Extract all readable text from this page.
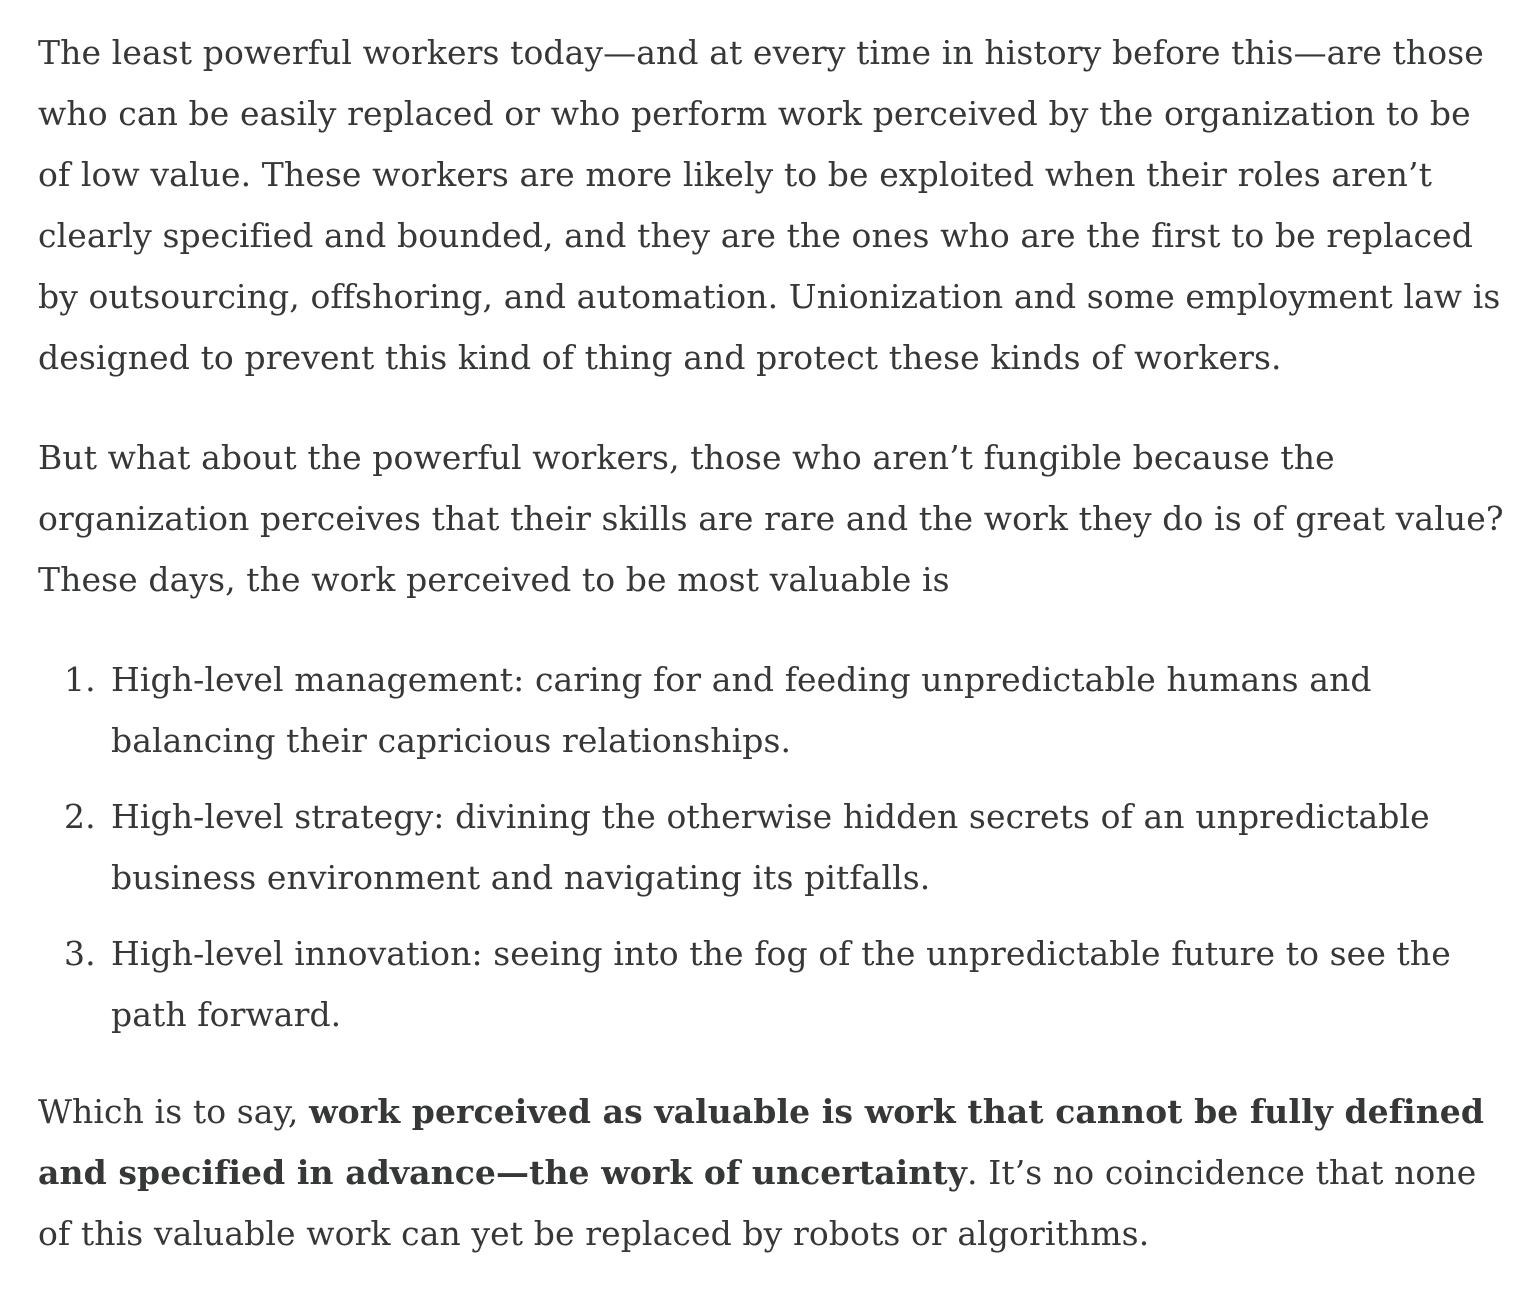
The least powerful workers today—and at every time in history before this—are those who can be easily replaced or who perform work perceived by the organization to be of low value. These workers are more likely to be exploited when their roles aren’t clearly specified and bounded, and they are the ones who are the first to be replaced by outsourcing, offshoring, and automation. Unionization and some employment law is designed to prevent this kind of thing and protect these kinds of workers.

But what about the powerful workers, those who aren’t fungible because the organization perceives that their skills are rare and the work they do is of great value? These days, the work perceived to be most valuable is

1. High-level management: caring for and feeding unpredictable humans and balancing their capricious relationships.
2. High-level strategy: divining the otherwise hidden secrets of an unpredictable business environment and navigating its pitfalls.
3. High-level innovation: seeing into the fog of the unpredictable future to see the path forward.

Which is to say, work perceived as valuable is work that cannot be fully defined and specified in advance—the work of uncertainty. It’s no coincidence that none of this valuable work can yet be replaced by robots or algorithms.
